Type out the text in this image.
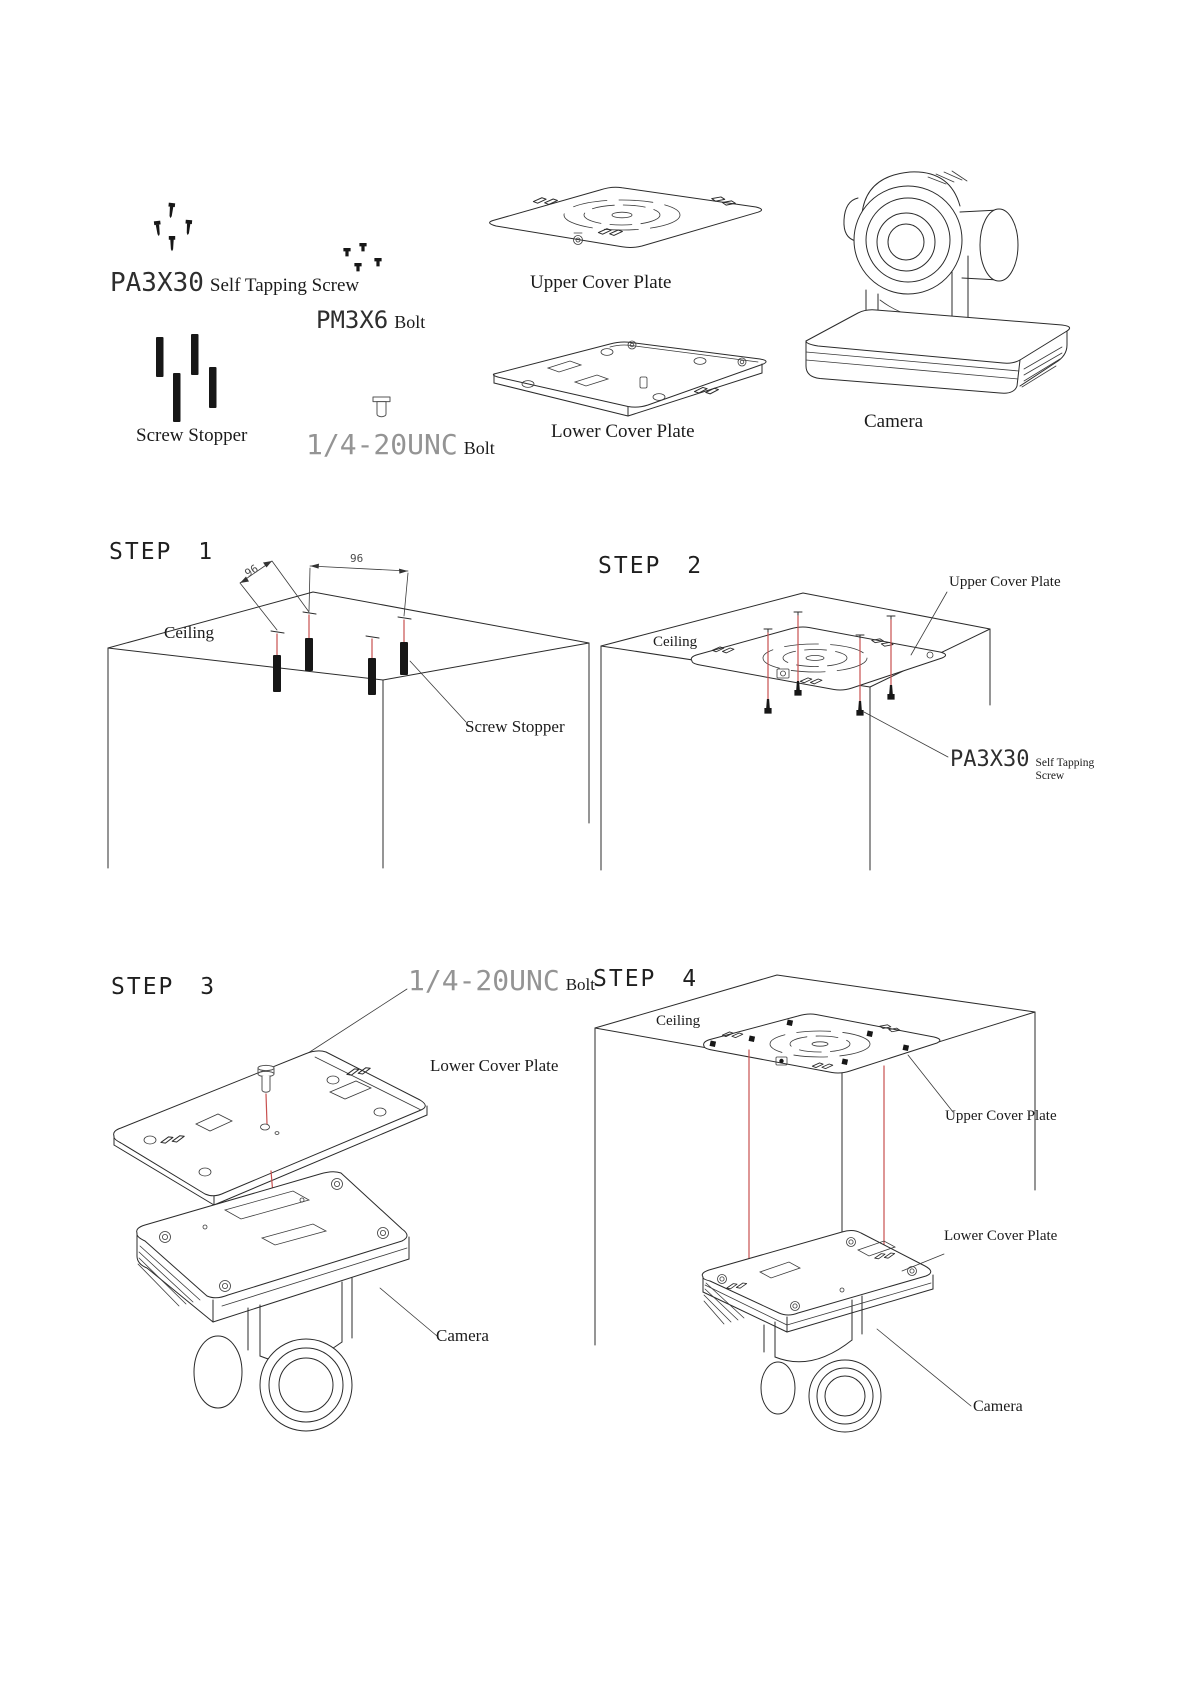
PA3X30 Self Tapping Screw
PM3X6 Bolt
Screw Stopper 1/4-20UNC Bolt
Upper Cover Plate
Lower Cover Plate	Camera
STEP 1
Ceiling
Screw Stopper
96
96	STEP 2
Ceiling
Upper Cover Plate
PA3X30 Self Tapping
Screw
STEP 3	1/4-20UNC Bolt
Lower Cover Plate
Camera
STEP 4
Ceiling
Upper Cover Plate
Lower Cover Plate
Camera
